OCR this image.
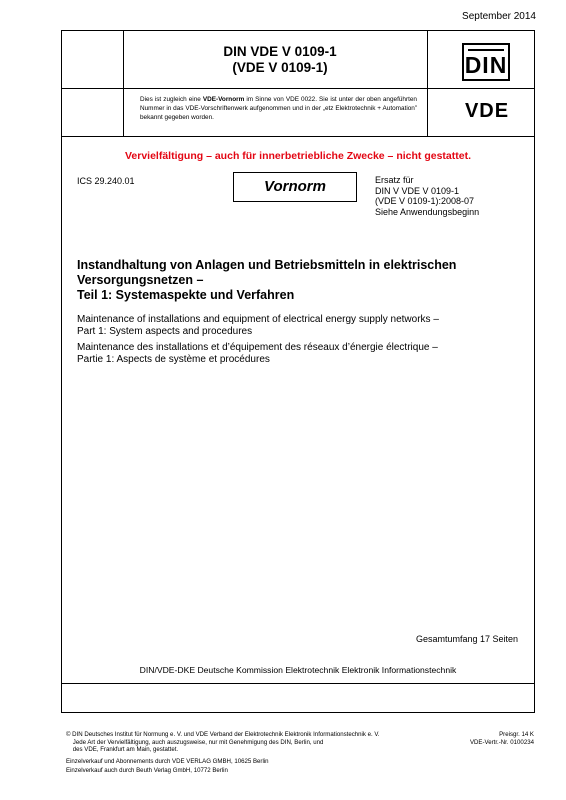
September 2014
DIN VDE V 0109-1
(VDE V 0109-1)	DIN
Dies ist zugleich eine VDE-Vornorm im Sinne von VDE 0022. Sie ist unter der oben angeführten Nummer in das VDE-Vorschriftenwerk aufgenommen und in der „etz Elektrotechnik + Automation” bekannt gegeben worden.	VDE
Vervielfältigung – auch für innerbetriebliche Zwecke – nicht gestattet.
ICS 29.240.01	Vornorm	Ersatz für
DIN V VDE V 0109-1
(VDE V 0109-1):2008-07
Siehe Anwendungsbeginn
Instandhaltung von Anlagen und Betriebsmitteln in elektrischen
Versorgungsnetzen –
Teil 1: Systemaspekte und Verfahren
Maintenance of installations and equipment of electrical energy supply networks –
Part 1: System aspects and procedures
Maintenance des installations et d’équipement des réseaux d’énergie électrique –
Partie 1: Aspects de système et procédures
Gesamtumfang 17 Seiten
DIN/VDE-DKE Deutsche Kommission Elektrotechnik Elektronik Informationstechnik
© DIN Deutsches Institut für Normung e. V. und VDE Verband der Elektrotechnik Elektronik Informationstechnik e. V.
Jede Art der Vervielfältigung, auch auszugsweise, nur mit Genehmigung des DIN, Berlin, und
des VDE, Frankfurt am Main, gestattet.
Preisgr. 14 K
VDE-Vertr.-Nr. 0100234
Einzelverkauf und Abonnements durch VDE VERLAG GMBH, 10625 Berlin
Einzelverkauf auch durch Beuth Verlag GmbH, 10772 Berlin
